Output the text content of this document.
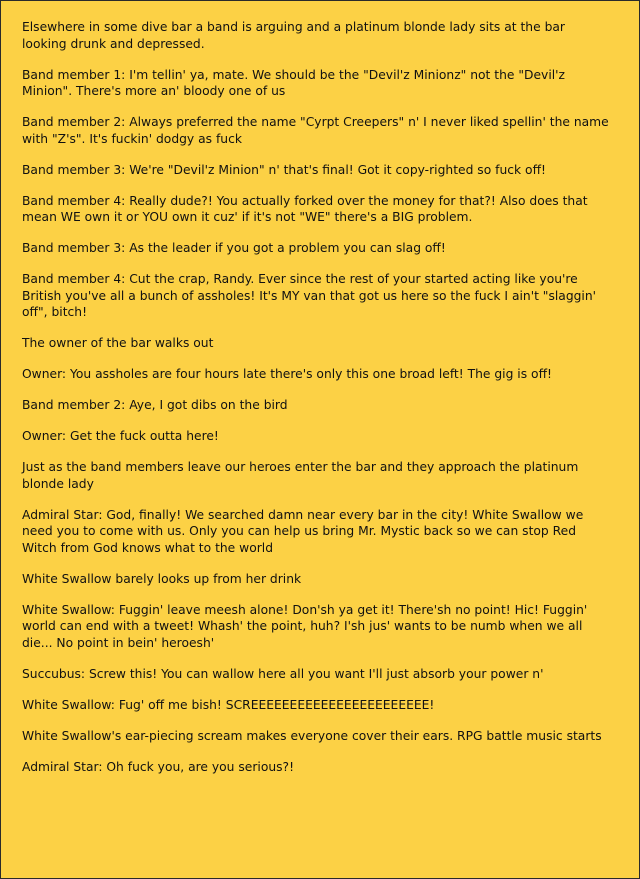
Elsewhere in some dive bar a band is arguing and a platinum blonde lady sits at the bar looking drunk and depressed.

Band member 1: I'm tellin' ya, mate. We should be the "Devil'z Minionz" not the "Devil'z Minion". There's more an' bloody one of us

Band member 2: Always preferred the name "Cyrpt Creepers" n' I never liked spellin' the name with "Z's". It's fuckin' dodgy as fuck

Band member 3: We're "Devil'z Minion" n' that's final! Got it copy-righted so fuck off!

Band member 4: Really dude?! You actually forked over the money for that?! Also does that mean WE own it or YOU own it cuz' if it's not "WE" there's a BIG problem.

Band member 3: As the leader if you got a problem you can slag off!

Band member 4: Cut the crap, Randy. Ever since the rest of your started acting like you're British you've all a bunch of assholes! It's MY van that got us here so the fuck I ain't "slaggin' off", bitch!

The owner of the bar walks out

Owner: You assholes are four hours late there's only this one broad left! The gig is off!

Band member 2: Aye, I got dibs on the bird

Owner: Get the fuck outta here!

Just as the band members leave our heroes enter the bar and they approach the platinum blonde lady

Admiral Star: God, finally! We searched damn near every bar in the city! White Swallow we need you to come with us. Only you can help us bring Mr. Mystic back so we can stop Red Witch from God knows what to the world

White Swallow barely looks up from her drink

White Swallow: Fuggin' leave meesh alone! Don'sh ya get it! There'sh no point! Hic! Fuggin' world can end with a tweet! Whash' the point, huh? I'sh jus' wants to be numb when we all die... No point in bein' heroesh'

Succubus: Screw this! You can wallow here all you want I'll just absorb your power n'

White Swallow: Fug' off me bish! SCREEEEEEEEEEEEEEEEEEEEEEE!

White Swallow's ear-piecing scream makes everyone cover their ears. RPG battle music starts

Admiral Star: Oh fuck you, are you serious?!
